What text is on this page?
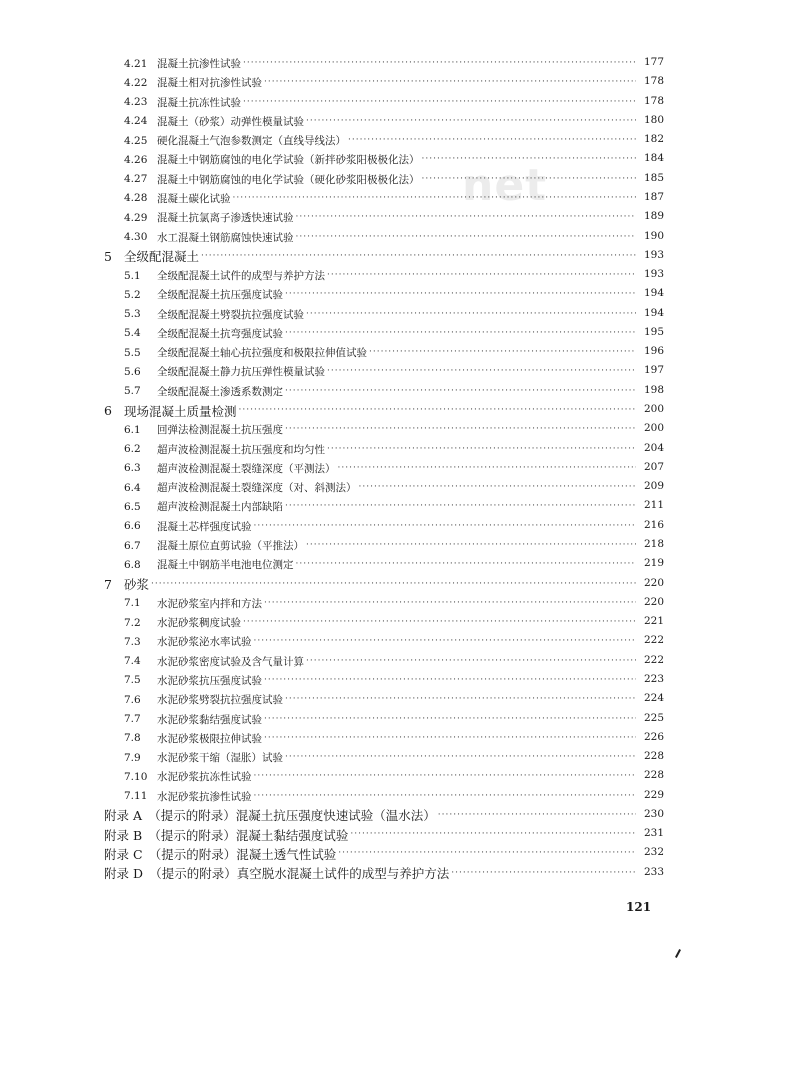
net
4.21 混凝土抗渗性试验 ·····	177
4.22 混凝土相对抗渗性试验 ·····	178
4.23 混凝土抗冻性试验 ·····	178
4.24 混凝土（砂浆）动弹性模量试验 ·····	180
4.25 硬化混凝土气泡参数测定（直线导线法） ·····	182
4.26 混凝土中钢筋腐蚀的电化学试验（新拌砂浆阳极极化法） ·····	184
4.27 混凝土中钢筋腐蚀的电化学试验（硬化砂浆阳极极化法） ·····	185
4.28 混凝土碳化试验 ·····	187
4.29 混凝土抗氯离子渗透快速试验 ·····	189
4.30 水工混凝土钢筋腐蚀快速试验 ·····	190
5 全级配混凝土 ·····	193
5.1	全级配混凝土试件的成型与养护方法 ·····	193
5.2	全级配混凝土抗压强度试验 ·····	194
5.3	全级配混凝土劈裂抗拉强度试验 ·····	194
5.4	全级配混凝土抗弯强度试验 ·····	195
5.5	全级配混凝土轴心抗拉强度和极限拉伸值试验 ·····	196
5.6	全级配混凝土静力抗压弹性模量试验 ·····	197
5.7	全级配混凝土渗透系数测定 ·····	198
6 现场混凝土质量检测 ·····	200
6.1	回弹法检测混凝土抗压强度 ·····	200
6.2	超声波检测混凝土抗压强度和均匀性 ·····	204
6.3	超声波检测混凝土裂缝深度（平测法） ·····	207
6.4	超声波检测混凝土裂缝深度（对、斜测法） ·····	209
6.5	超声波检测混凝土内部缺陷 ·····	211
6.6	混凝土芯样强度试验 ·····	216
6.7	混凝土原位直剪试验（平推法） ·····	218
6.8	混凝土中钢筋半电池电位测定 ·····	219
7 砂浆 ·····	220
7.1	水泥砂浆室内拌和方法 ·····	220
7.2	水泥砂浆稠度试验 ·····	221
7.3	水泥砂浆泌水率试验 ·····	222
7.4	水泥砂浆密度试验及含气量计算 ·····	222
7.5	水泥砂浆抗压强度试验 ·····	223
7.6	水泥砂浆劈裂抗拉强度试验 ·····	224
7.7	水泥砂浆黏结强度试验 ·····	225
7.8	水泥砂浆极限拉伸试验 ·····	226
7.9	水泥砂浆干缩（湿胀）试验 ·····	228
7.10 水泥砂浆抗冻性试验 ·····	228
7.11 水泥砂浆抗渗性试验 ·····	229
附录 A　（提示的附录）混凝土抗压强度快速试验（温水法） ·····	230
附录 B　（提示的附录）混凝土黏结强度试验 ·····	231
附录 C　（提示的附录）混凝土透气性试验 ·····	232
附录 D　（提示的附录）真空脱水混凝土试件的成型与养护方法 ·····	233
121
